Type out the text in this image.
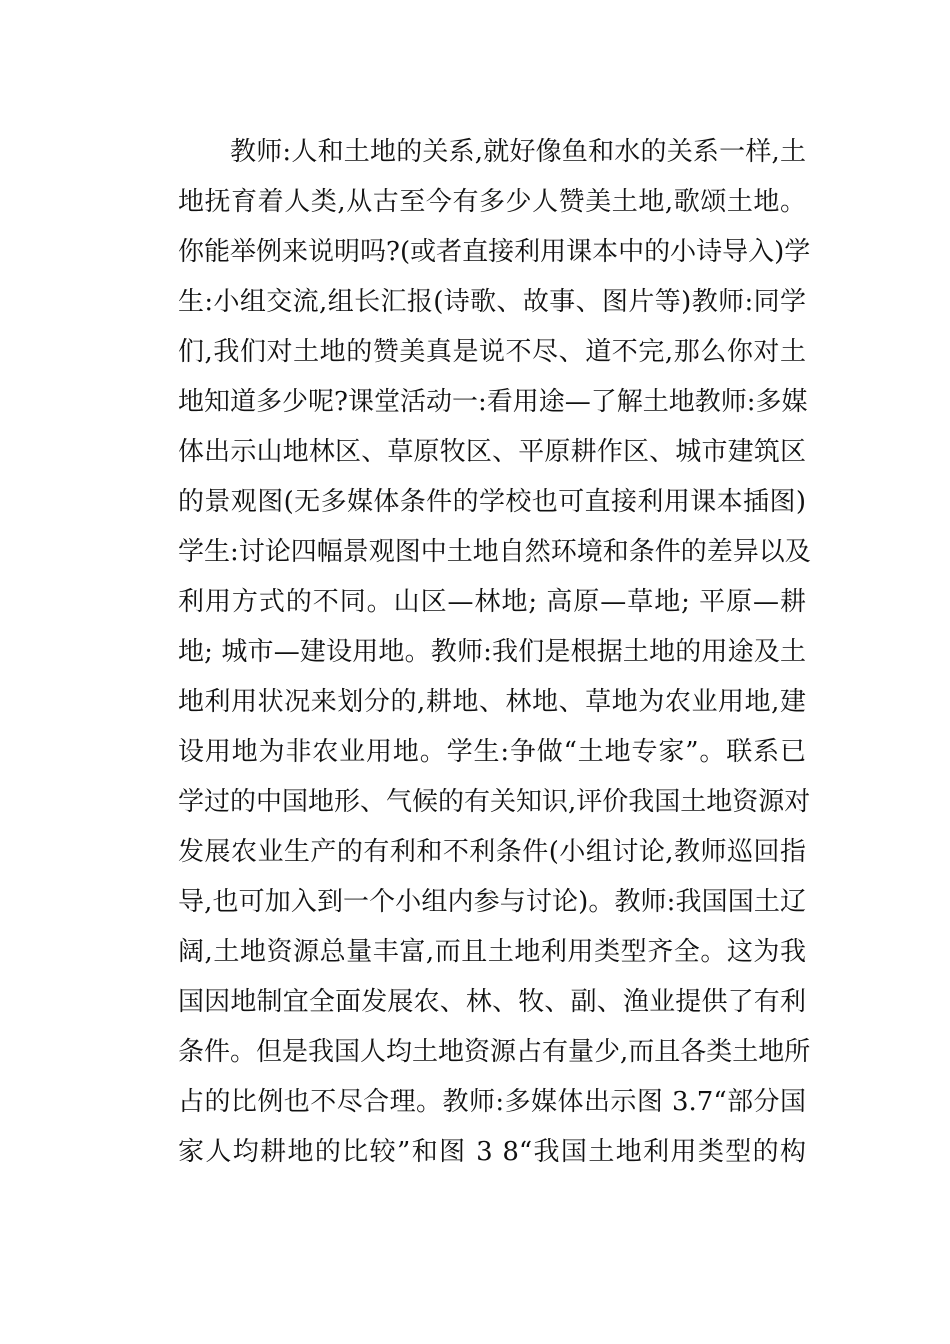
教师:人和土地的关系,就好像鱼和水的关系一样,土
地抚育着人类,从古至今有多少人赞美土地,歌颂土地。
你能举例来说明吗?(或者直接利用课本中的小诗导入)学
生:小组交流,组长汇报(诗歌、故事、图片等)教师:同学
们,我们对土地的赞美真是说不尽、道不完,那么你对土
地知道多少呢?课堂活动一:看用途—了解土地教师:多媒
体出示山地林区、草原牧区、平原耕作区、城市建筑区
的景观图(无多媒体条件的学校也可直接利用课本插图)
学生:讨论四幅景观图中土地自然环境和条件的差异以及
利用方式的不同。山区—林地; 高原—草地; 平原—耕
地; 城市—建设用地。教师:我们是根据土地的用途及土
地利用状况来划分的,耕地、林地、草地为农业用地,建
设用地为非农业用地。学生:争做“土地专家”。联系已
学过的中国地形、气候的有关知识,评价我国土地资源对
发展农业生产的有利和不利条件(小组讨论,教师巡回指
导,也可加入到一个小组内参与讨论)。教师:我国国土辽
阔,土地资源总量丰富,而且土地利用类型齐全。这为我
国因地制宜全面发展农、林、牧、副、渔业提供了有利
条件。但是我国人均土地资源占有量少,而且各类土地所
占的比例也不尽合理。教师:多媒体出示图 3.7“部分国
家人均耕地的比较”和图 3 8“我国土地利用类型的构
